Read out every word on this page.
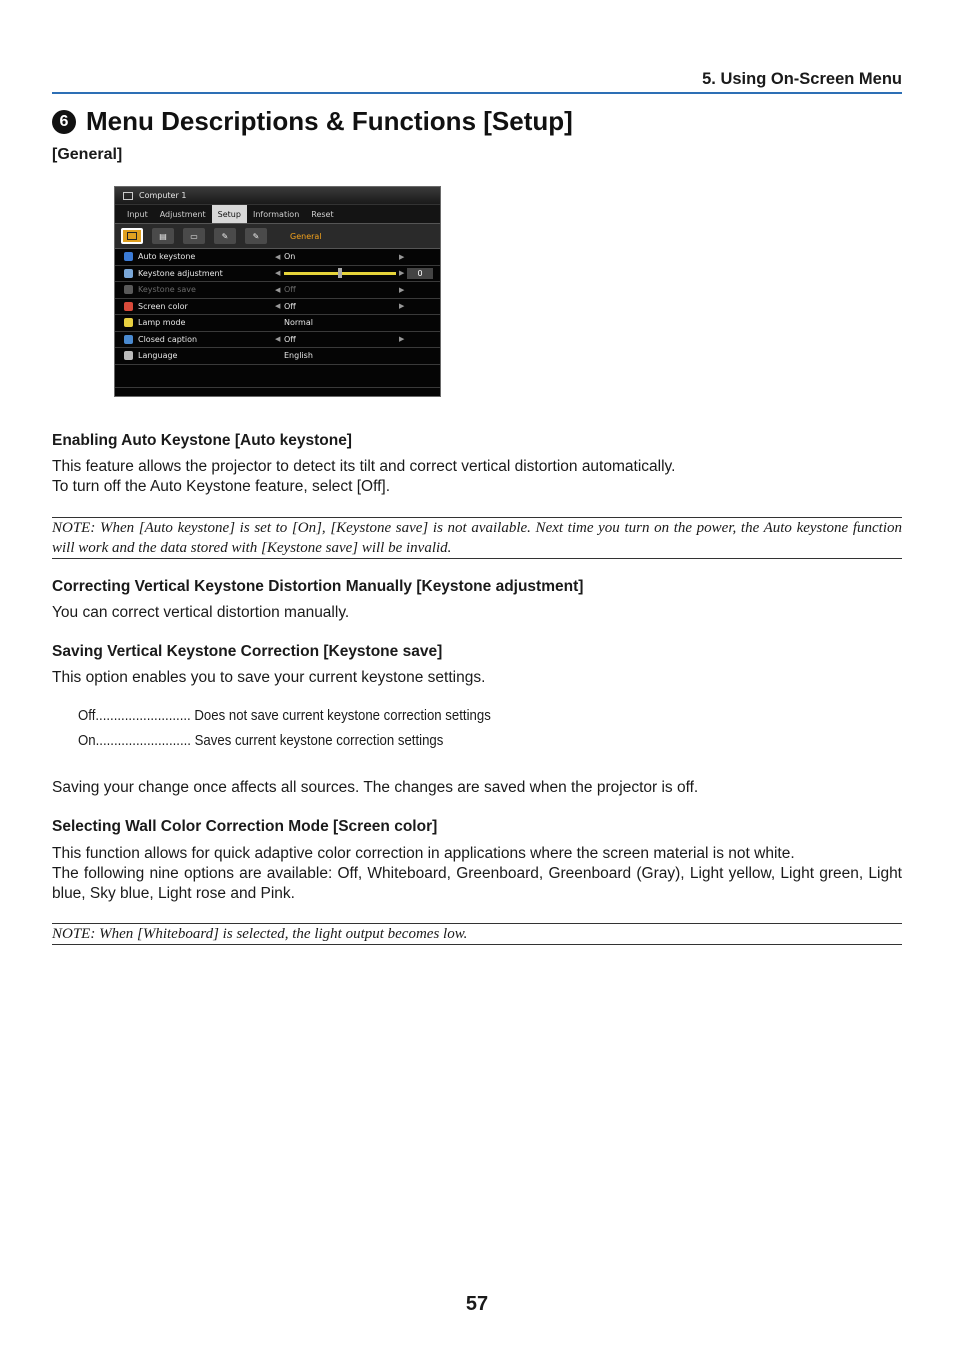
5. Using On-Screen Menu
6 Menu Descriptions & Functions [Setup]
[General]
Computer 1
Input	Adjustment	Setup	Information	Reset
▤	▭	✎	✎	General
Auto keystone	◀ On	▶
Keystone adjustment	◀	▶	0
Keystone save	◀ Off	▶
Screen color	◀ Off	▶
Lamp mode	Normal
Closed caption	◀ Off	▶
Language	English
Enabling Auto Keystone [Auto keystone]
This feature allows the projector to detect its tilt and correct vertical distortion automatically.
To turn off the Auto Keystone feature, select [Off].
NOTE: When [Auto keystone] is set to [On], [Keystone save] is not available. Next time you turn on the power, the Auto keystone function will work and the data stored with [Keystone save] will be invalid.
Correcting Vertical Keystone Distortion Manually [Keystone adjustment]
You can correct vertical distortion manually.
Saving Vertical Keystone Correction [Keystone save]
This option enables you to save your current keystone settings.
Off.......................... Does not save current keystone correction settings
On.......................... Saves current keystone correction settings
Saving your change once affects all sources. The changes are saved when the projector is off.
Selecting Wall Color Correction Mode [Screen color]
This function allows for quick adaptive color correction in applications where the screen material is not white.
The following nine options are available: Off, Whiteboard, Greenboard, Greenboard (Gray), Light yellow, Light green, Light blue, Sky blue, Light rose and Pink.
NOTE: When [Whiteboard] is selected, the light output becomes low.
57
